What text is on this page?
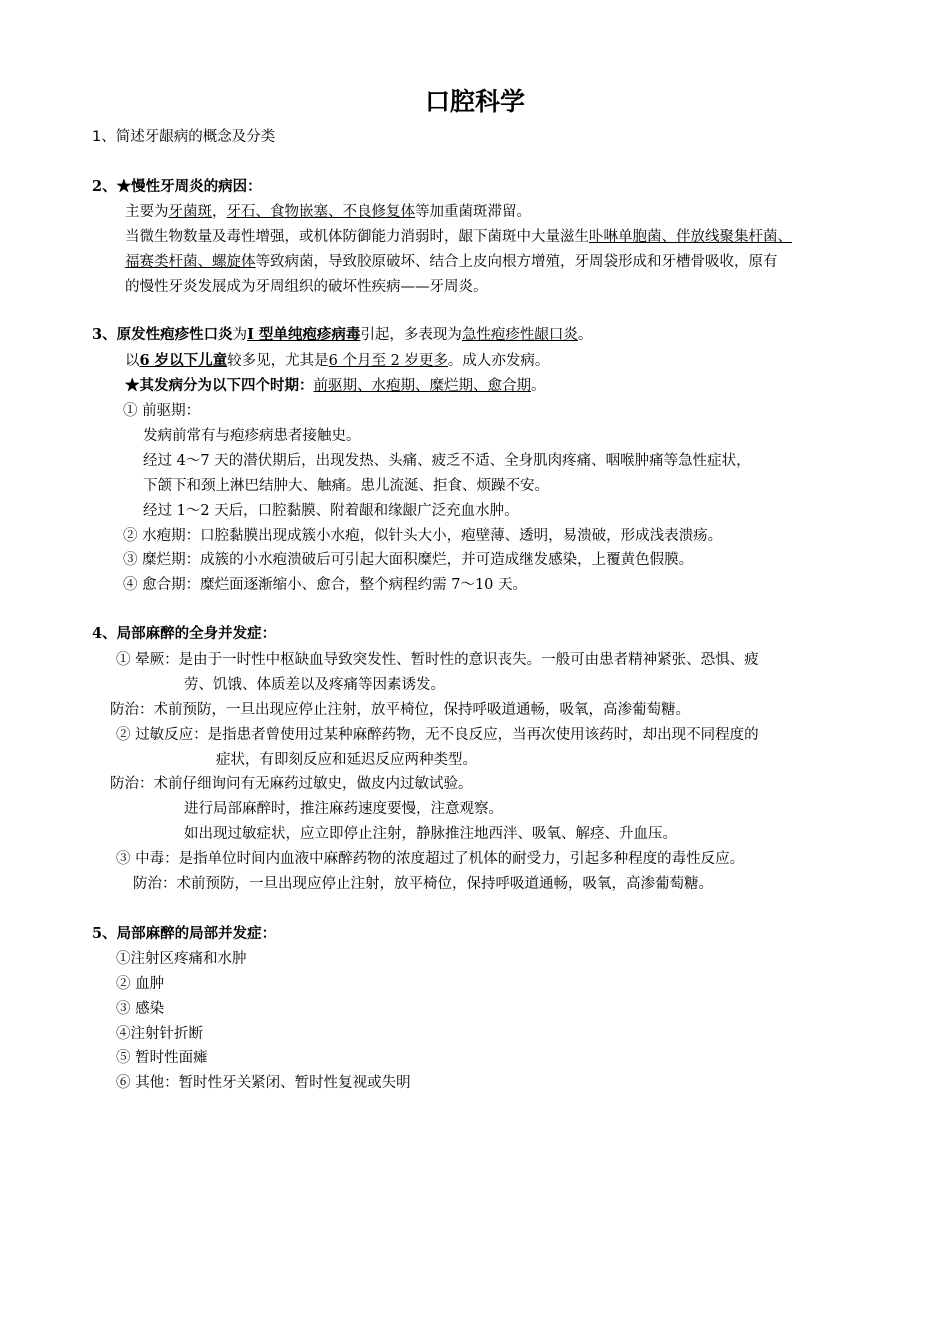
口腔科学
1、简述牙龈病的概念及分类
2、★慢性牙周炎的病因：
主要为牙菌斑，牙石、食物嵌塞、不良修复体等加重菌斑滞留。
当微生物数量及毒性增强，或机体防御能力消弱时，龈下菌斑中大量滋生卟啉单胞菌、伴放线聚集杆菌、
福赛类杆菌、螺旋体等致病菌，导致胶原破坏、结合上皮向根方增殖，牙周袋形成和牙槽骨吸收，原有
的慢性牙炎发展成为牙周组织的破坏性疾病——牙周炎。
3、原发性疱疹性口炎为I 型单纯疱疹病毒引起，多表现为急性疱疹性龈口炎。
以6 岁以下儿童较多见，尤其是6 个月至 2 岁更多。成人亦发病。
★其发病分为以下四个时期：前驱期、水疱期、糜烂期、愈合期。
① 前驱期：
发病前常有与疱疹病患者接触史。
经过 4～7 天的潜伏期后，出现发热、头痛、疲乏不适、全身肌肉疼痛、咽喉肿痛等急性症状，
下颌下和颈上淋巴结肿大、触痛。患儿流涎、拒食、烦躁不安。
经过 1～2 天后，口腔黏膜、附着龈和缘龈广泛充血水肿。
② 水疱期：口腔黏膜出现成簇小水疱，似针头大小，疱壁薄、透明，易溃破，形成浅表溃疡。
③ 糜烂期：成簇的小水疱溃破后可引起大面积糜烂，并可造成继发感染，上覆黄色假膜。
④ 愈合期：糜烂面逐渐缩小、愈合，整个病程约需 7～10 天。
4、局部麻醉的全身并发症：
① 晕厥：是由于一时性中枢缺血导致突发性、暂时性的意识丧失。一般可由患者精神紧张、恐惧、疲
劳、饥饿、体质差以及疼痛等因素诱发。
防治：术前预防，一旦出现应停止注射，放平椅位，保持呼吸道通畅，吸氧，高渗葡萄糖。
② 过敏反应：是指患者曾使用过某种麻醉药物，无不良反应，当再次使用该药时，却出现不同程度的
症状，有即刻反应和延迟反应两种类型。
防治：术前仔细询问有无麻药过敏史，做皮内过敏试验。
进行局部麻醉时，推注麻药速度要慢，注意观察。
如出现过敏症状，应立即停止注射，静脉推注地西泮、吸氧、解痉、升血压。
③ 中毒：是指单位时间内血液中麻醉药物的浓度超过了机体的耐受力，引起多种程度的毒性反应。
防治：术前预防，一旦出现应停止注射，放平椅位，保持呼吸道通畅，吸氧，高渗葡萄糖。
5、局部麻醉的局部并发症：
①注射区疼痛和水肿
② 血肿
③ 感染
④注射针折断
⑤ 暂时性面瘫
⑥ 其他：暂时性牙关紧闭、暂时性复视或失明
